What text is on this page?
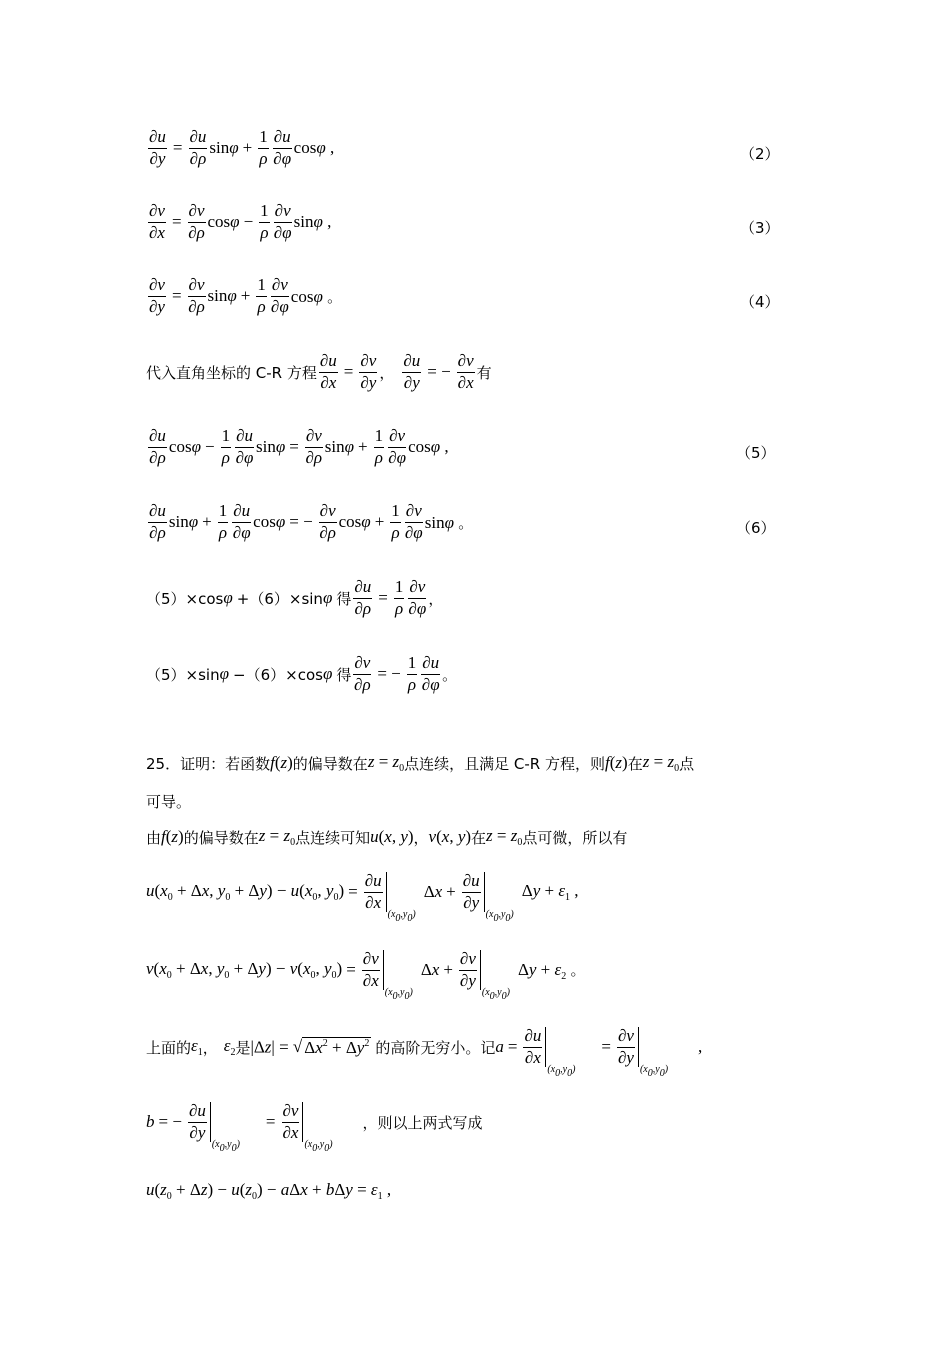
$\frac{\partial u}{\partial y} = \frac{\partial u}{\partial\rho}$ $\sin\varphi + \frac{1}{\rho} \frac{\partial u}{\partial\varphi}$ cosφ ,	（2）
$\frac{\partial v}{\partial x} = \frac{\partial v}{\partial\rho}$ $\cos\varphi - \frac{1}{\rho} \frac{\partial v}{\partial\varphi}$ sinφ ,	（3）
$\frac{\partial v}{\partial y} = \frac{\partial v}{\partial\rho}$ $\sin\varphi + \frac{1}{\rho} \frac{\partial v}{\partial\varphi}$ cosφ 。	（4）
代入直角坐标的 C-R 方程 $\frac{\partial u}{\partial x} = \frac{\partial v}{\partial y}$ ， $\frac{\partial u}{\partial y}$ = − $\frac{\partial v}{\partial x}$ 有
$\frac{\partial u}{\partial\rho}$ $\cos\varphi - \frac{1}{\rho} \frac{\partial u}{\partial\varphi}$ $\sin\varphi = \frac{\partial v}{\partial\rho}$ $\sin\varphi + \frac{1}{\rho} \frac{\partial v}{\partial\varphi}$ cosφ ,	（5）
$\frac{\partial u}{\partial\rho}$ $\sin\varphi + \frac{1}{\rho} \frac{\partial u}{\partial\varphi}$ cosφ = − $\frac{\partial v}{\partial\rho}$ $\cos\varphi + \frac{1}{\rho} \frac{\partial v}{\partial\varphi}$ sinφ 。	（6）
（5）×cos φ +（6）×sin φ 得 $\frac{\partial u}{\partial\rho} = \frac{1}{\rho} \frac{\partial v}{\partial\varphi}$ ，
（5）×sin φ −（6）×cos φ 得 $\frac{\partial v}{\partial\rho}$ = − $\frac{1}{\rho} \frac{\partial u}{\partial\varphi}$ 。
25．证明：若函数 f(z) 的偏导数在 $z = z_0$ 点连续，且满足 C-R 方程，则 f(z) 在 $z = z_0$ 点
可导。
由 f(z) 的偏导数在 $z = z_0$ 点连续可知 u(x, y) ， v(x, y) 在 $z = z_0$ 点可微，所以有
$u(x_0 + \Delta x$, $y_0 + \Delta y) - u(x_0$, $y_0) = \frac{\partial u}{\partial x}$
(x0,y0)
$\Delta x + \frac{\partial u}{\partial y}$
(x0,y0)
$\Delta y + \varepsilon_1$ ,
$v(x_0 + \Delta x$, $y_0 + \Delta y) - v(x_0$, $y_0) = \frac{\partial v}{\partial x}$
(x0,y0)
$\Delta x + \frac{\partial v}{\partial y}$
(x0,y0)
$\Delta y + \varepsilon_2$ 。
上面的 $\varepsilon_1$ ， $\varepsilon_2$ 是 |Δz| = √ $\Delta x^2 + \Delta y^2$ 的高阶无穷小。记 $a = \frac{\partial u}{\partial x}$
(x0,y0)
= $\frac{\partial v}{\partial y}$
(x0,y0)
,
b = − $\frac{\partial u}{\partial y}$
(x0,y0)
= $\frac{\partial v}{\partial x}$
(x0,y0)
，则以上两式写成
$u(z_0 + \Delta z) - u(z_0) - a\Delta x + b\Delta y = \varepsilon_1$ ,
